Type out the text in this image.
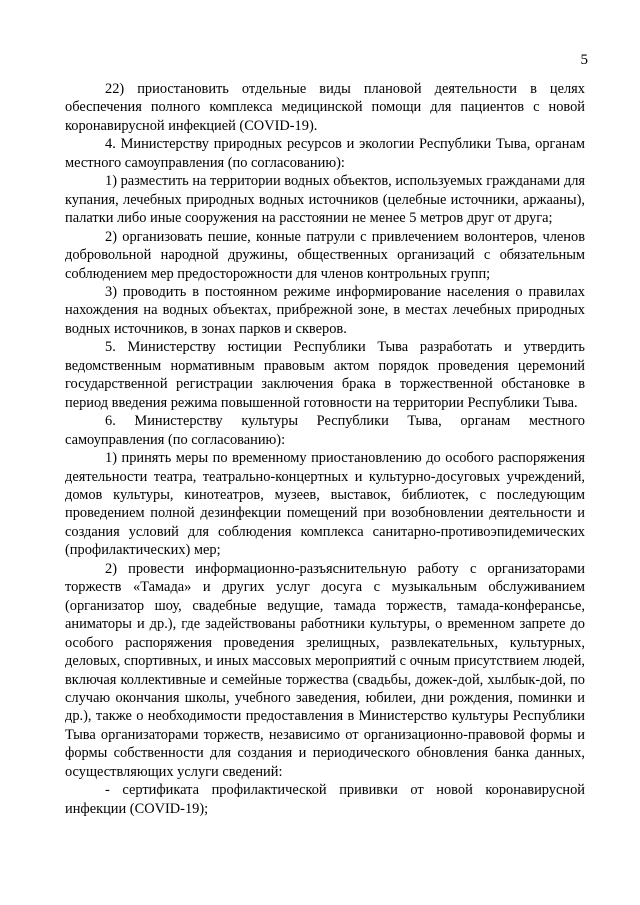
5

22) приостановить отдельные виды плановой деятельности в целях обеспечения полного комплекса медицинской помощи для пациентов с новой коронавирусной инфекцией (COVID-19).

4. Министерству природных ресурсов и экологии Республики Тыва, органам местного самоуправления (по согласованию):

1) разместить на территории водных объектов, используемых гражданами для купания, лечебных природных водных источников (целебные источники, аржааны), палатки либо иные сооружения на расстоянии не менее 5 метров друг от друга;

2) организовать пешие, конные патрули с привлечением волонтеров, членов добровольной народной дружины, общественных организаций с обязательным соблюдением мер предосторожности для членов контрольных групп;

3) проводить в постоянном режиме информирование населения о правилах нахождения на водных объектах, прибрежной зоне, в местах лечебных природных водных источников, в зонах парков и скверов.

5. Министерству юстиции Республики Тыва разработать и утвердить ведомственным нормативным правовым актом порядок проведения церемоний государственной регистрации заключения брака в торжественной обстановке в период введения режима повышенной готовности на территории Республики Тыва.

6. Министерству культуры Республики Тыва, органам местного самоуправления (по согласованию):

1) принять меры по временному приостановлению до особого распоряжения деятельности театра, театрально-концертных и культурно-досуговых учреждений, домов культуры, кинотеатров, музеев, выставок, библиотек, с последующим проведением полной дезинфекции помещений при возобновлении деятельности и создания условий для соблюдения комплекса санитарно-противоэпидемических (профилактических) мер;

2) провести информационно-разъяснительную работу с организаторами торжеств «Тамада» и других услуг досуга с музыкальным обслуживанием (организатор шоу, свадебные ведущие, тамада торжеств, тамада-конферансье, аниматоры и др.), где задействованы работники культуры, о временном запрете до особого распоряжения проведения зрелищных, развлекательных, культурных, деловых, спортивных, и иных массовых мероприятий с очным присутствием людей, включая коллективные и семейные торжества (свадьбы, дожек-дой, хылбык-дой, по случаю окончания школы, учебного заведения, юбилеи, дни рождения, поминки и др.), также о необходимости предоставления в Министерство культуры Республики Тыва организаторами торжеств, независимо от организационно-правовой формы и формы собственности для создания и периодического обновления банка данных, осуществляющих услуги сведений:

- сертификата профилактической прививки от новой коронавирусной инфекции (COVID-19);
